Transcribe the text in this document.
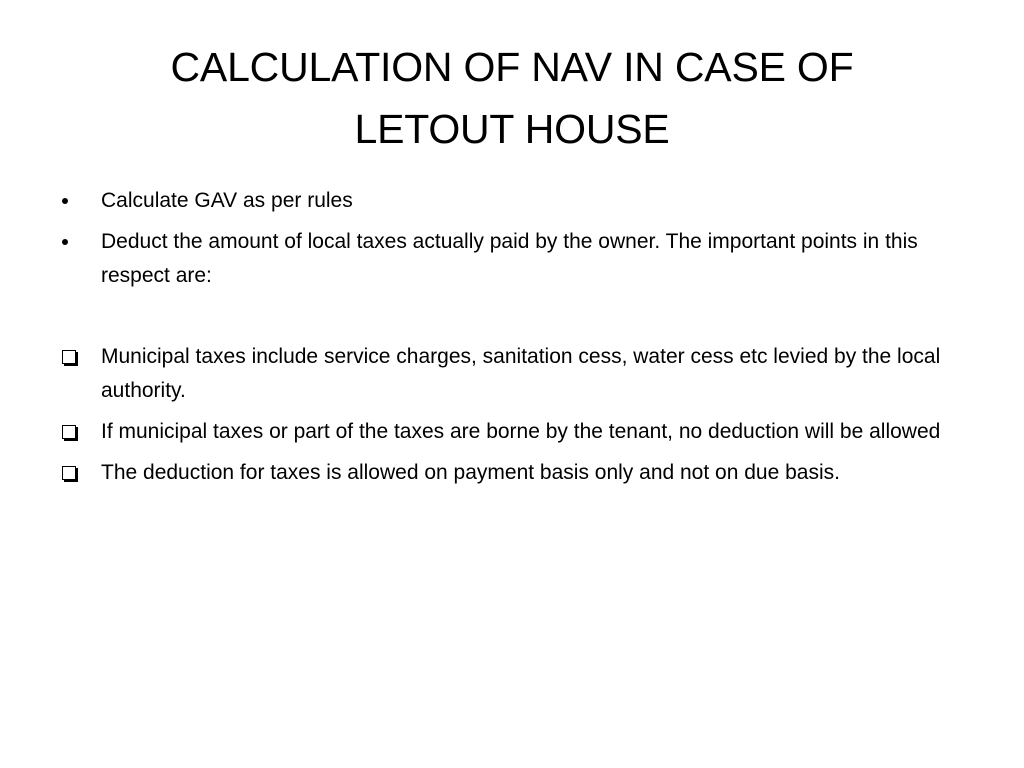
CALCULATION OF NAV IN CASE OF
LETOUT HOUSE
Calculate GAV as per rules
Deduct the amount of local taxes actually paid by the owner. The important points in this respect are:
Municipal taxes include service charges, sanitation cess, water cess etc levied by the local authority.
If municipal taxes or part of the taxes are borne by the tenant, no deduction will be allowed
The deduction for taxes is allowed on payment basis only and not on due basis.
